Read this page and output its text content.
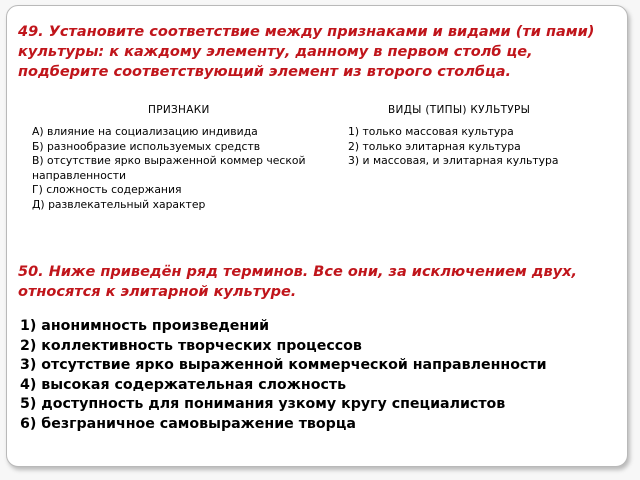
49. Установите соответствие между признаками и видами (ти пами) культуры: к каждому элементу, данному в первом столб це, подберите соответствующий элемент из второго столбца.

ПРИЗНАКИ	ВИДЫ (ТИПЫ) КУЛЬТУРЫ

А) влияние на социализацию индивида
Б) разнообразие используемых средств
В) отсутствие ярко выраженной коммер ческой направленности
Г) сложность содержания
Д) развлекательный характер
1) только массовая культура
2) только элитарная культура
3) и массовая, и элитарная культура

50. Ниже приведён ряд терминов. Все они, за исключением двух, относятся к элитарной культуре.

1) анонимность произведений
2) коллективность творческих процессов
3) отсутствие ярко выраженной коммерческой направленности
4) высокая содержательная сложность
5) доступность для понимания узкому кругу специалистов
6) безграничное самовыражение творца
